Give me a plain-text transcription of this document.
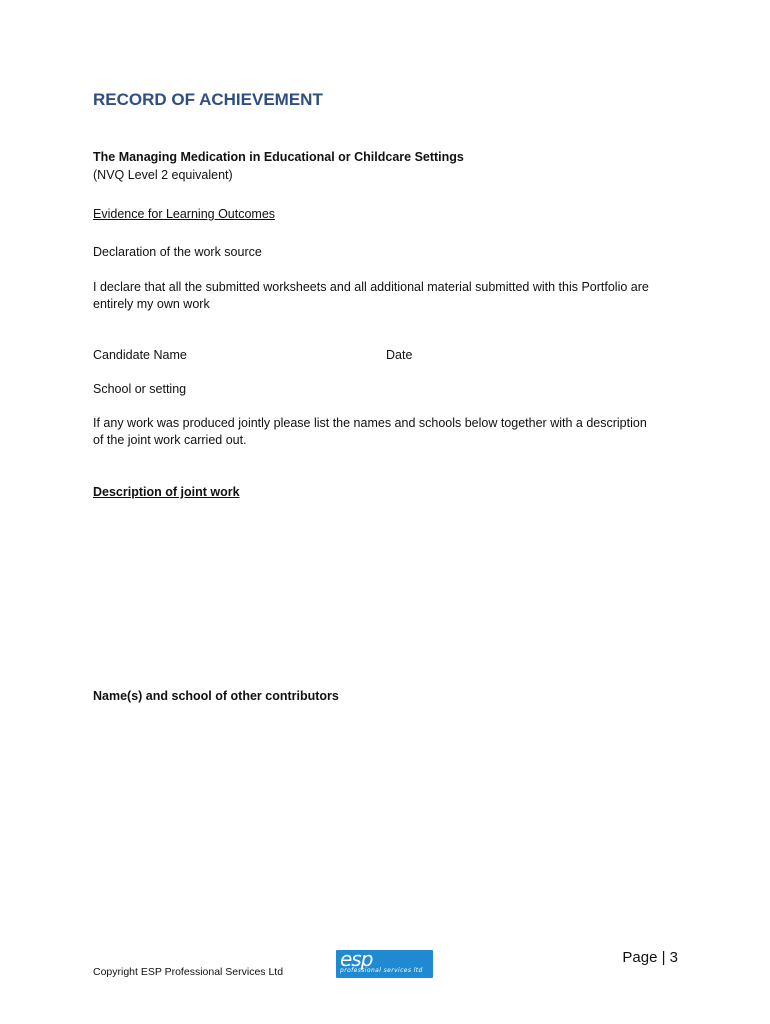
RECORD OF ACHIEVEMENT
The Managing Medication in Educational or Childcare Settings
(NVQ Level 2 equivalent)
Evidence for Learning Outcomes
Declaration of the work source
I declare that all the submitted worksheets and all additional material submitted with this Portfolio are entirely my own work
Candidate Name	Date
School or setting
If any work was produced jointly please list the names and schools below together with a description of the joint work carried out.
Description of joint work
Name(s) and school of other contributors
Copyright ESP Professional Services Ltd
esp
professional services ltd
Page | 3
